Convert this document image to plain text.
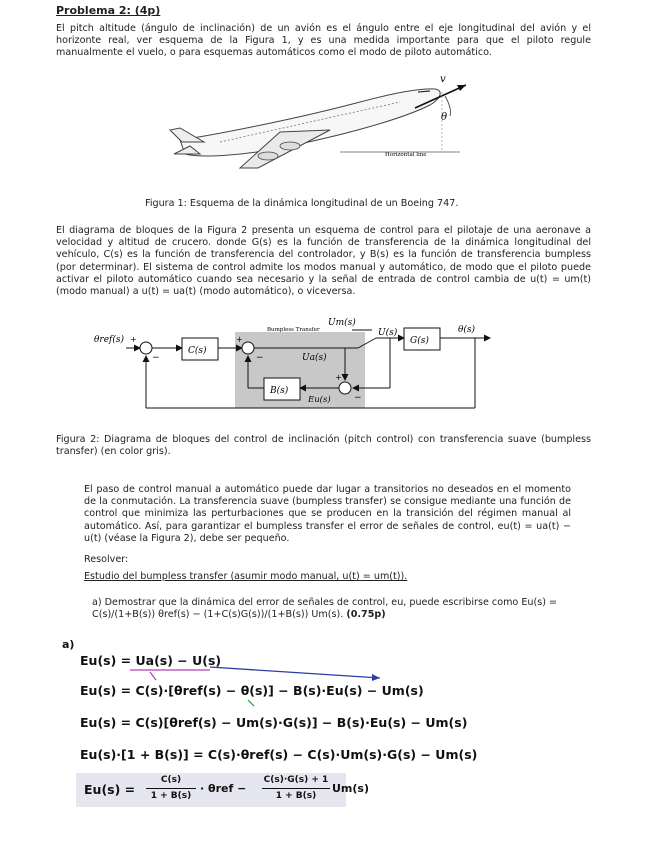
Problema 2: (4p)
El pitch altitude (ángulo de inclinación) de un avión es el ángulo entre el eje longitudinal del avión y el horizonte real, ver esquema de la Figura 1, y es una medida importante para que el piloto regule manualmente el vuelo, o para esquemas automáticos como el modo de piloto automático.
v
Horizontal line
θ
Figura 1: Esquema de la dinámica longitudinal de un Boeing 747.
El diagrama de bloques de la Figura 2 presenta un esquema de control para el pilotaje de una aeronave a velocidad y altitud de crucero. donde G(s) es la función de transferencia de la dinámica longitudinal del vehículo, C(s) es la función de transferencia del controlador, y B(s) es la función de transferencia bumpless (por determinar). El sistema de control admite los modos manual y automático, de modo que el piloto puede activar el piloto automático cuando sea necesario y la señal de entrada de control cambia de u(t) = um(t) (modo manual) a u(t) = ua(t) (modo automático), o viceversa.
Bumpless Transfer
θref(s) +
−
C(s)
+
−	Ua(s)
+
Um(s)
U(s)
G(s)
θ(s)
−
Eu(s)
B(s)
Figura 2: Diagrama de bloques del control de inclinación (pitch control) con transferencia suave (bumpless transfer) (en color gris).
El paso de control manual a automático puede dar lugar a transitorios no deseados en el momento de la conmutación. La transferencia suave (bumpless transfer) se consigue mediante una función de control que minimiza las perturbaciones que se producen en la transición del régimen manual al automático. Así, para garantizar el bumpless transfer el error de señales de control, eu(t) = ua(t) − u(t) (véase la Figura 2), debe ser pequeño.
Resolver:
Estudio del bumpless transfer (asumir modo manual, u(t) = um(t)).
a) Demostrar que la dinámica del error de señales de control, eu, puede escribirse como Eu(s) = C(s)/(1+B(s)) θref(s) − (1+C(s)G(s))/(1+B(s)) Um(s). (0.75p)
a)
Eu(s) = Ua(s) − U(s)
Eu(s) = C(s)·[θref(s) − θ(s)] − B(s)·Eu(s) − Um(s)
Eu(s) = C(s)[θref(s) − Um(s)·G(s)] − B(s)·Eu(s) − Um(s)
Eu(s)·[1 + B(s)] = C(s)·θref(s) − C(s)·Um(s)·G(s) − Um(s)
Eu(s) =
C(s)
1 + B(s)
· θref −
C(s)·G(s) + 1
1 + B(s)
Um(s)
